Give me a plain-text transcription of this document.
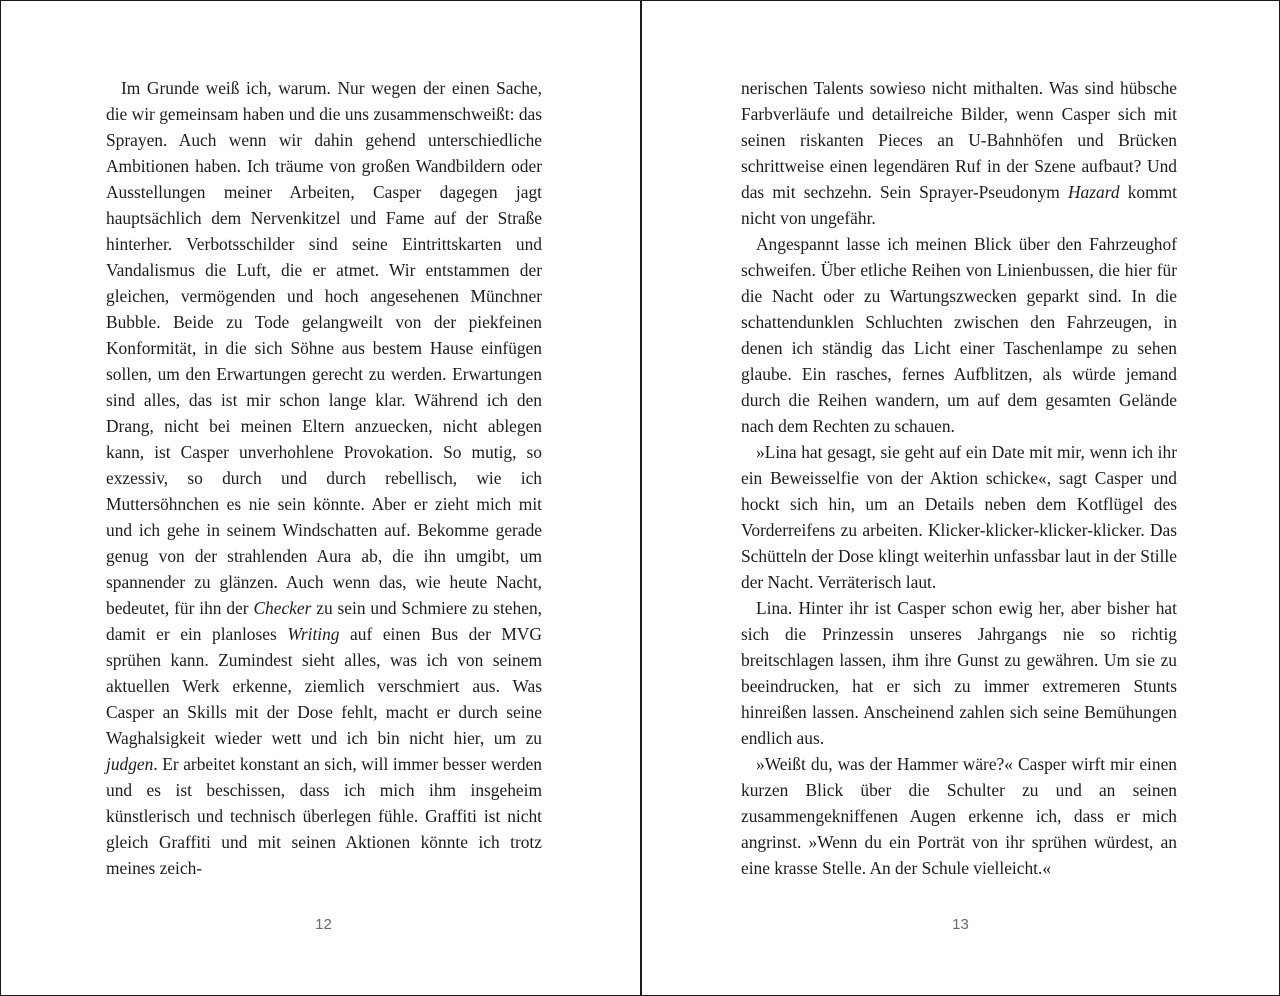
Im Grunde weiß ich, warum. Nur wegen der einen Sache, die wir gemeinsam haben und die uns zusammenschweißt: das Sprayen. Auch wenn wir dahin gehend unterschiedliche Ambitionen haben. Ich träume von großen Wandbildern oder Ausstellungen meiner Arbeiten, Casper dagegen jagt hauptsächlich dem Nervenkitzel und Fame auf der Straße hinterher. Verbotsschilder sind seine Eintrittskarten und Vandalismus die Luft, die er atmet. Wir entstammen der gleichen, vermögenden und hoch angesehenen Münchner Bubble. Beide zu Tode gelangweilt von der piekfeinen Konformität, in die sich Söhne aus bestem Hause einfügen sollen, um den Erwartungen gerecht zu werden. Erwartungen sind alles, das ist mir schon lange klar. Während ich den Drang, nicht bei meinen Eltern anzuecken, nicht ablegen kann, ist Casper unverhohlene Provokation. So mutig, so exzessiv, so durch und durch rebellisch, wie ich Muttersöhnchen es nie sein könnte. Aber er zieht mich mit und ich gehe in seinem Windschatten auf. Bekomme gerade genug von der strahlenden Aura ab, die ihn umgibt, um spannender zu glänzen. Auch wenn das, wie heute Nacht, bedeutet, für ihn der Checker zu sein und Schmiere zu stehen, damit er ein planloses Writing auf einen Bus der MVG sprühen kann. Zumindest sieht alles, was ich von seinem aktuellen Werk erkenne, ziemlich verschmiert aus. Was Casper an Skills mit der Dose fehlt, macht er durch seine Waghalsigkeit wieder wett und ich bin nicht hier, um zu judgen. Er arbeitet konstant an sich, will immer besser werden und es ist beschissen, dass ich mich ihm insgeheim künstlerisch und technisch überlegen fühle. Graffiti ist nicht gleich Graffiti und mit seinen Aktionen könnte ich trotz meines zeich-

12

nerischen Talents sowieso nicht mithalten. Was sind hübsche Farbverläufe und detailreiche Bilder, wenn Casper sich mit seinen riskanten Pieces an U-Bahnhöfen und Brücken schrittweise einen legendären Ruf in der Szene aufbaut? Und das mit sechzehn. Sein Sprayer-Pseudonym Hazard kommt nicht von ungefähr.

Angespannt lasse ich meinen Blick über den Fahrzeughof schweifen. Über etliche Reihen von Linienbussen, die hier für die Nacht oder zu Wartungszwecken geparkt sind. In die schattendunklen Schluchten zwischen den Fahrzeugen, in denen ich ständig das Licht einer Taschenlampe zu sehen glaube. Ein rasches, fernes Aufblitzen, als würde jemand durch die Reihen wandern, um auf dem gesamten Gelände nach dem Rechten zu schauen.

»Lina hat gesagt, sie geht auf ein Date mit mir, wenn ich ihr ein Beweisselfie von der Aktion schicke«, sagt Casper und hockt sich hin, um an Details neben dem Kotflügel des Vorderreifens zu arbeiten. Klicker-klicker-klicker-klicker. Das Schütteln der Dose klingt weiterhin unfassbar laut in der Stille der Nacht. Verräterisch laut.

Lina. Hinter ihr ist Casper schon ewig her, aber bisher hat sich die Prinzessin unseres Jahrgangs nie so richtig breitschlagen lassen, ihm ihre Gunst zu gewähren. Um sie zu beeindrucken, hat er sich zu immer extremeren Stunts hinreißen lassen. Anscheinend zahlen sich seine Bemühungen endlich aus.

»Weißt du, was der Hammer wäre?« Casper wirft mir einen kurzen Blick über die Schulter zu und an seinen zusammengekniffenen Augen erkenne ich, dass er mich angrinst. »Wenn du ein Porträt von ihr sprühen würdest, an eine krasse Stelle. An der Schule vielleicht.«

13
